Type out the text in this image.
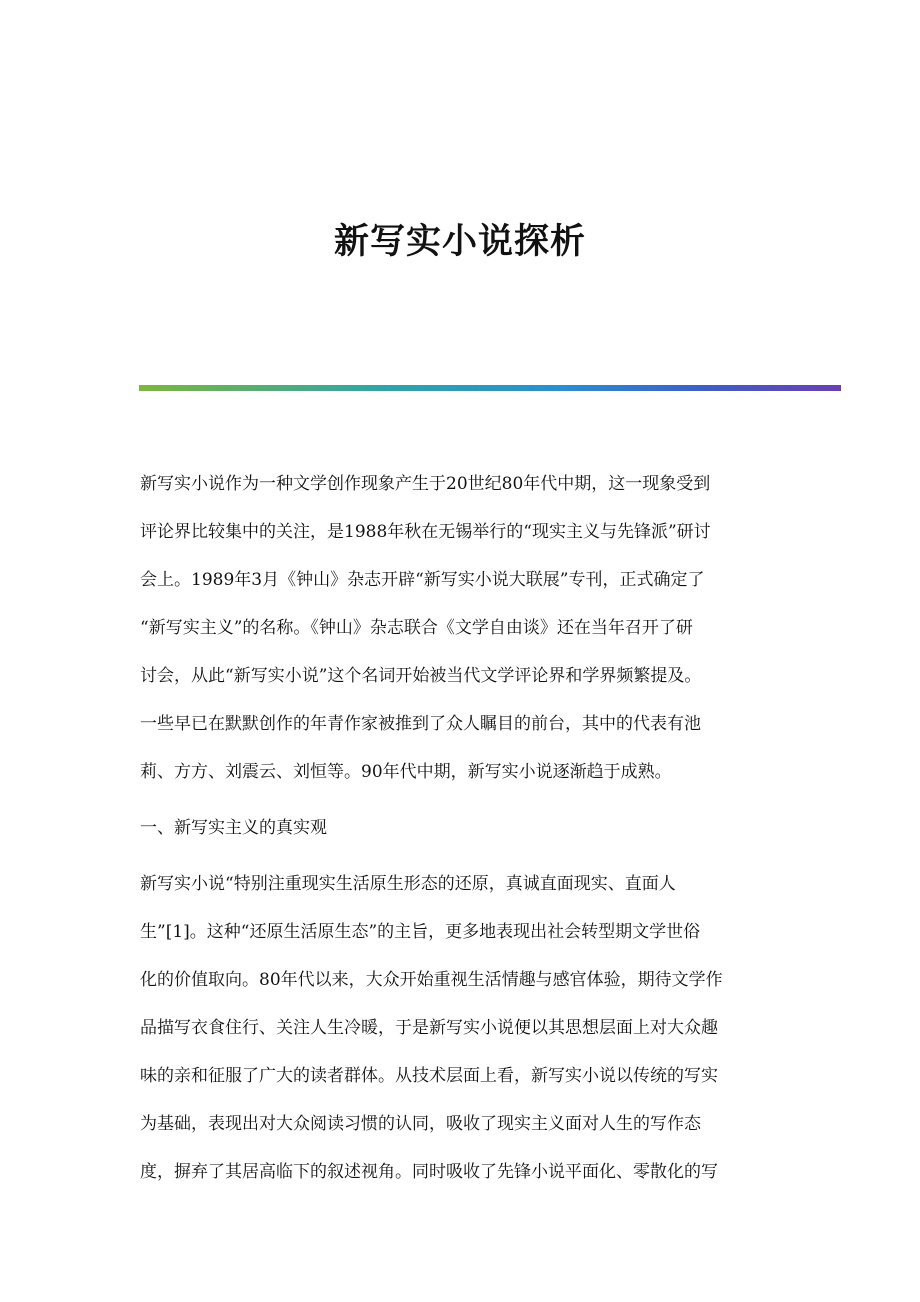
新写实小说探析

新写实小说作为一种文学创作现象产生于20世纪80年代中期，这一现象受到

评论界比较集中的关注，是1988年秋在无锡举行的“现实主义与先锋派”研讨

会上。1989年3月《钟山》杂志开辟“新写实小说大联展”专刊，正式确定了

“新写实主义”的名称。《钟山》杂志联合《文学自由谈》还在当年召开了研

讨会，从此“新写实小说”这个名词开始被当代文学评论界和学界频繁提及。

一些早已在默默创作的年青作家被推到了众人瞩目的前台，其中的代表有池

莉、方方、刘震云、刘恒等。90年代中期，新写实小说逐渐趋于成熟。

一、新写实主义的真实观

新写实小说“特别注重现实生活原生形态的还原，真诚直面现实、直面人

生”[1]。这种“还原生活原生态”的主旨，更多地表现出社会转型期文学世俗

化的价值取向。80年代以来，大众开始重视生活情趣与感官体验，期待文学作

品描写衣食住行、关注人生冷暖，于是新写实小说便以其思想层面上对大众趣

味的亲和征服了广大的读者群体。从技术层面上看，新写实小说以传统的写实

为基础，表现出对大众阅读习惯的认同，吸收了现实主义面对人生的写作态

度，摒弃了其居高临下的叙述视角。同时吸收了先锋小说平面化、零散化的写
